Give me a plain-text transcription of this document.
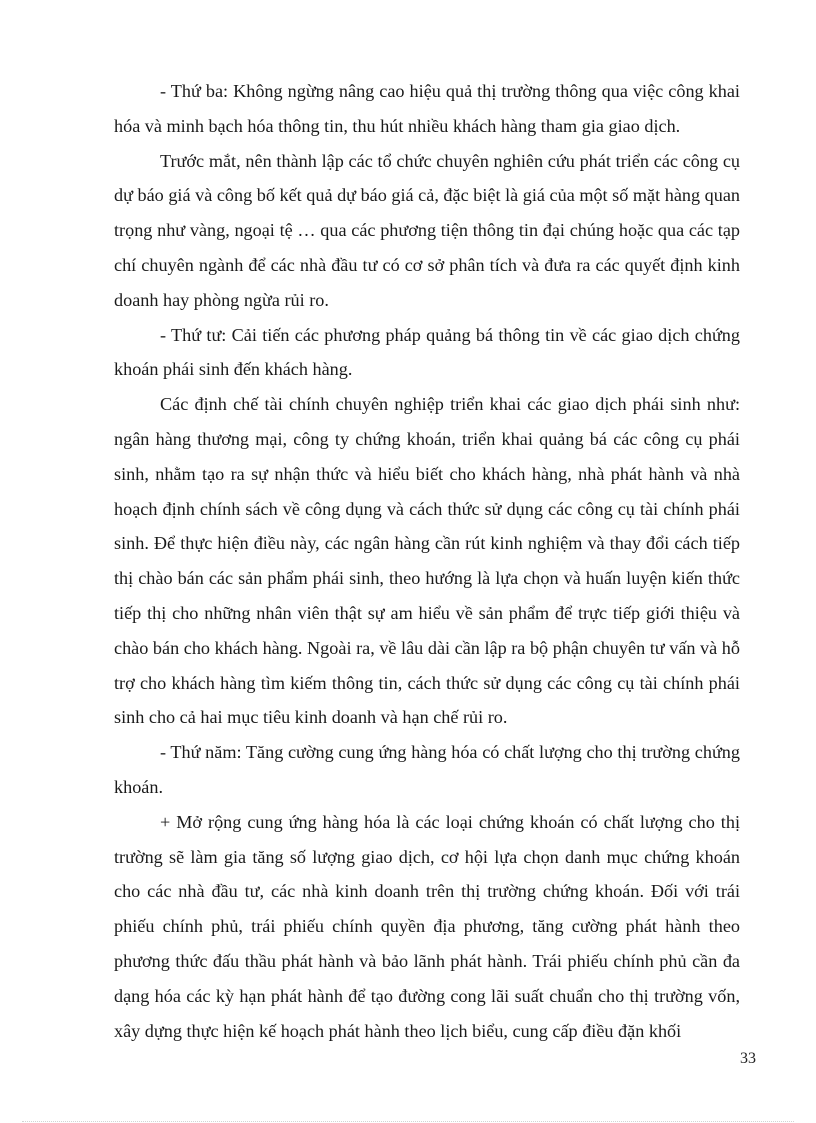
- Thứ ba: Không ngừng nâng cao hiệu quả thị trường thông qua việc công khai hóa và minh bạch hóa thông tin, thu hút nhiều khách hàng tham gia giao dịch.

Trước mắt, nên thành lập các tổ chức chuyên nghiên cứu phát triển các công cụ dự báo giá và công bố kết quả dự báo giá cả, đặc biệt là giá của một số mặt hàng quan trọng như vàng, ngoại tệ … qua các phương tiện thông tin đại chúng hoặc qua các tạp chí chuyên ngành để các nhà đầu tư có cơ sở phân tích và đưa ra các quyết định kinh doanh hay phòng ngừa rủi ro.

- Thứ tư: Cải tiến các phương pháp quảng bá thông tin về các giao dịch chứng khoán phái sinh đến khách hàng.

Các định chế tài chính chuyên nghiệp triển khai các giao dịch phái sinh như: ngân hàng thương mại, công ty chứng khoán, triển khai quảng bá các công cụ phái sinh, nhằm tạo ra sự nhận thức và hiểu biết cho khách hàng, nhà phát hành và nhà hoạch định chính sách về công dụng và cách thức sử dụng các công cụ tài chính phái sinh. Để thực hiện điều này, các ngân hàng cần rút kinh nghiệm và thay đổi cách tiếp thị chào bán các sản phẩm phái sinh, theo hướng là lựa chọn và huấn luyện kiến thức tiếp thị cho những nhân viên thật sự am hiểu về sản phẩm để trực tiếp giới thiệu và chào bán cho khách hàng. Ngoài ra, về lâu dài cần lập ra bộ phận chuyên tư vấn và hỗ trợ cho khách hàng tìm kiếm thông tin, cách thức sử dụng các công cụ tài chính phái sinh cho cả hai mục tiêu kinh doanh và hạn chế rủi ro.

- Thứ năm: Tăng cường cung ứng hàng hóa có chất lượng cho thị trường chứng khoán.

+ Mở rộng cung ứng hàng hóa là các loại chứng khoán có chất lượng cho thị trường sẽ làm gia tăng số lượng giao dịch, cơ hội lựa chọn danh mục chứng khoán cho các nhà đầu tư, các nhà kinh doanh trên thị trường chứng khoán. Đối với trái phiếu chính phủ, trái phiếu chính quyền địa phương, tăng cường phát hành theo phương thức đấu thầu phát hành và bảo lãnh phát hành. Trái phiếu chính phủ cần đa dạng hóa các kỳ hạn phát hành để tạo đường cong lãi suất chuẩn cho thị trường vốn, xây dựng thực hiện kế hoạch phát hành theo lịch biểu, cung cấp điều đặn khối

33
